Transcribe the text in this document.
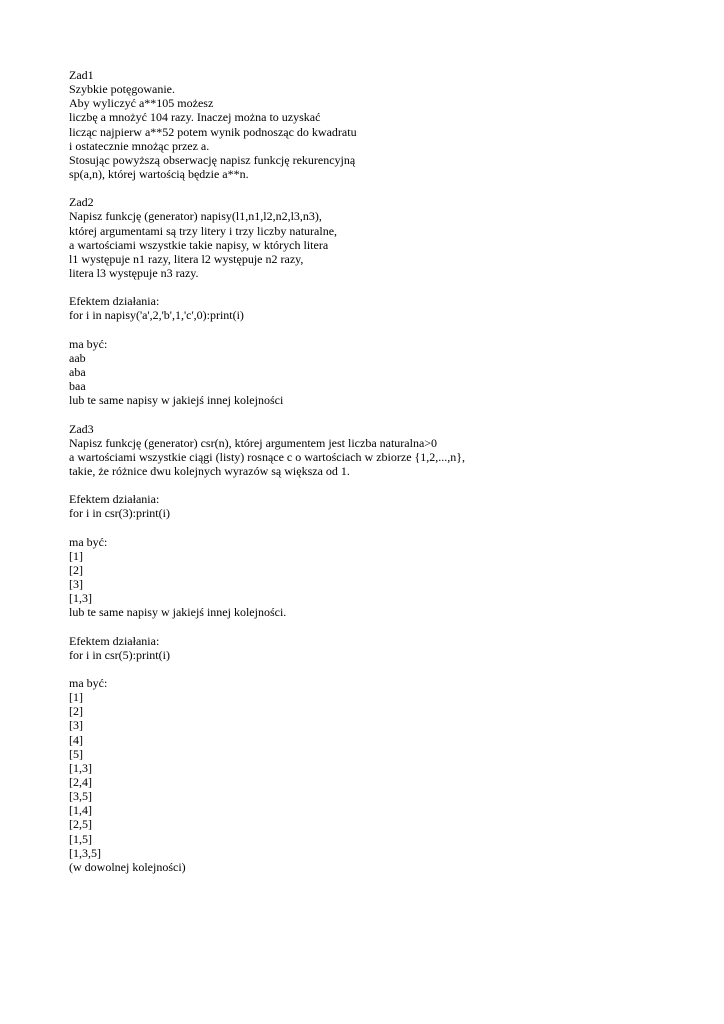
Zad1
Szybkie potęgowanie.
Aby wyliczyć a**105 możesz
liczbę a mnożyć 104 razy. Inaczej można to uzyskać
licząc najpierw a**52 potem wynik podnosząc do kwadratu
i ostatecznie mnożąc przez a.
Stosując powyższą obserwację napisz funkcję rekurencyjną
sp(a,n), której wartością będzie a**n.
Zad2
Napisz funkcję (generator) napisy(l1,n1,l2,n2,l3,n3),
której argumentami są trzy litery i trzy liczby naturalne,
a wartościami wszystkie takie napisy, w których litera
l1 występuje n1 razy, litera l2 występuje n2 razy,
litera l3 występuje n3 razy.
Efektem działania:
for i in napisy('a',2,'b',1,'c',0):print(i)
ma być:
aab
aba
baa
lub te same napisy w jakiejś innej kolejności
Zad3
Napisz funkcję (generator) csr(n), której argumentem jest liczba naturalna>0
a wartościami wszystkie ciągi (listy) rosnące c o wartościach w zbiorze {1,2,...,n},
takie, że różnice dwu kolejnych wyrazów są większa od 1.
Efektem działania:
for i in csr(3):print(i)
ma być:
[1]
[2]
[3]
[1,3]
lub te same napisy w jakiejś innej kolejności.
Efektem działania:
for i in csr(5):print(i)
ma być:
[1]
[2]
[3]
[4]
[5]
[1,3]
[2,4]
[3,5]
[1,4]
[2,5]
[1,5]
[1,3,5]
(w dowolnej kolejności)
